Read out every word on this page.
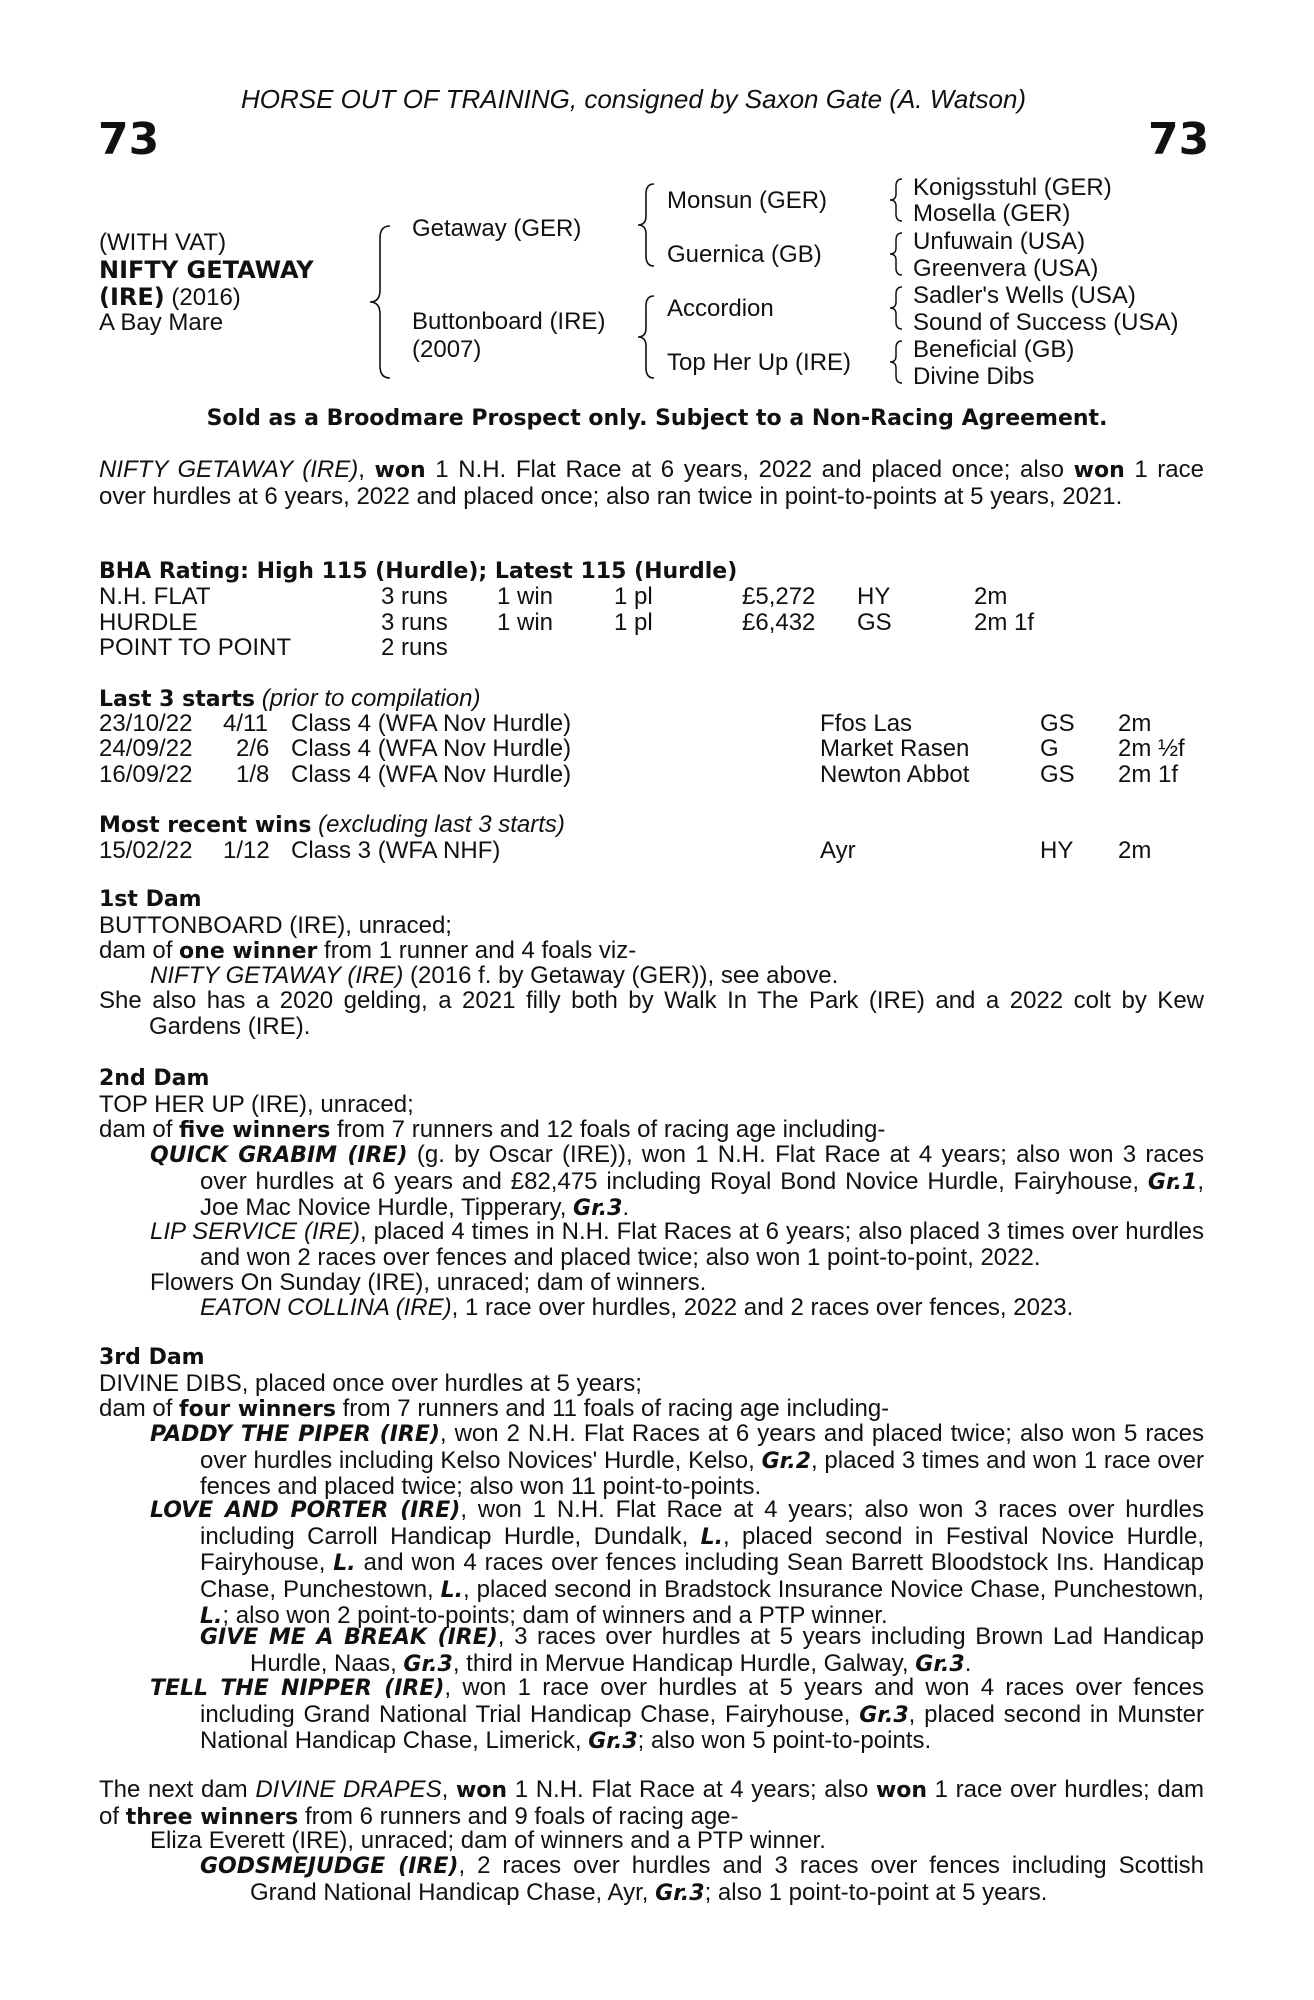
HORSE OUT OF TRAINING, consigned by Saxon Gate (A. Watson)
73	73
(WITH VAT)
NIFTY GETAWAY
(IRE) (2016)
A Bay Mare
Getaway (GER)
Buttonboard (IRE)
(2007)
Monsun (GER)
Guernica (GB)
Accordion
Top Her Up (IRE)
Konigsstuhl (GER)
Mosella (GER)
Unfuwain (USA)
Greenvera (USA)
Sadler's Wells (USA)
Sound of Success (USA)
Beneficial (GB)
Divine Dibs
Sold as a Broodmare Prospect only. Subject to a Non-Racing Agreement.

NIFTY GETAWAY (IRE), won 1 N.H. Flat Race at 6 years, 2022 and placed once; also won 1 race over hurdles at 6 years, 2022 and placed once; also ran twice in point-to-points at 5 years, 2021.

BHA Rating: High 115 (Hurdle); Latest 115 (Hurdle)
N.H. FLAT	3 runs 1 win	1 pl	£5,272 HY	2m
HURDLE	3 runs 1 win	1 pl	£6,432 GS	2m 1f
POINT TO POINT	2 runs
Last 3 starts (prior to compilation)
23/10/22 4/11 Class 4 (WFA Nov Hurdle)	Ffos Las	GS 2m
24/09/22 2/6 Class 4 (WFA Nov Hurdle)	Market Rasen	G 2m ½f
16/09/22 1/8 Class 4 (WFA Nov Hurdle)	Newton Abbot	GS 2m 1f
Most recent wins (excluding last 3 starts)
15/02/22 1/12 Class 3 (WFA NHF)	Ayr	HY 2m
1st Dam
BUTTONBOARD (IRE), unraced;
dam of one winner from 1 runner and 4 foals viz-
NIFTY GETAWAY (IRE) (2016 f. by Getaway (GER)), see above.

She also has a 2020 gelding, a 2021 filly both by Walk In The Park (IRE) and a 2022 colt by Kew Gardens (IRE).

2nd Dam
TOP HER UP (IRE), unraced;
dam of five winners from 7 runners and 12 foals of racing age including-

QUICK GRABIM (IRE) (g. by Oscar (IRE)), won 1 N.H. Flat Race at 4 years; also won 3 races over hurdles at 6 years and £82,475 including Royal Bond Novice Hurdle, Fairyhouse, Gr.1, Joe Mac Novice Hurdle, Tipperary, Gr.3.

LIP SERVICE (IRE), placed 4 times in N.H. Flat Races at 6 years; also placed 3 times over hurdles and won 2 races over fences and placed twice; also won 1 point-to-point, 2022.

Flowers On Sunday (IRE), unraced; dam of winners.
EATON COLLINA (IRE), 1 race over hurdles, 2022 and 2 races over fences, 2023.
3rd Dam
DIVINE DIBS, placed once over hurdles at 5 years;
dam of four winners from 7 runners and 11 foals of racing age including-

PADDY THE PIPER (IRE), won 2 N.H. Flat Races at 6 years and placed twice; also won 5 races over hurdles including Kelso Novices' Hurdle, Kelso, Gr.2, placed 3 times and won 1 race over fences and placed twice; also won 11 point-to-points.

LOVE AND PORTER (IRE), won 1 N.H. Flat Race at 4 years; also won 3 races over hurdles including Carroll Handicap Hurdle, Dundalk, L., placed second in Festival Novice Hurdle, Fairyhouse, L. and won 4 races over fences including Sean Barrett Bloodstock Ins. Handicap Chase, Punchestown, L., placed second in Bradstock Insurance Novice Chase, Punchestown, L.; also won 2 point-to-points; dam of winners and a PTP winner.

GIVE ME A BREAK (IRE), 3 races over hurdles at 5 years including Brown Lad Handicap Hurdle, Naas, Gr.3, third in Mervue Handicap Hurdle, Galway, Gr.3.

TELL THE NIPPER (IRE), won 1 race over hurdles at 5 years and won 4 races over fences including Grand National Trial Handicap Chase, Fairyhouse, Gr.3, placed second in Munster National Handicap Chase, Limerick, Gr.3; also won 5 point-to-points.

The next dam DIVINE DRAPES, won 1 N.H. Flat Race at 4 years; also won 1 race over hurdles; dam of three winners from 6 runners and 9 foals of racing age-

Eliza Everett (IRE), unraced; dam of winners and a PTP winner.

GODSMEJUDGE (IRE), 2 races over hurdles and 3 races over fences including Scottish Grand National Handicap Chase, Ayr, Gr.3; also 1 point-to-point at 5 years.
